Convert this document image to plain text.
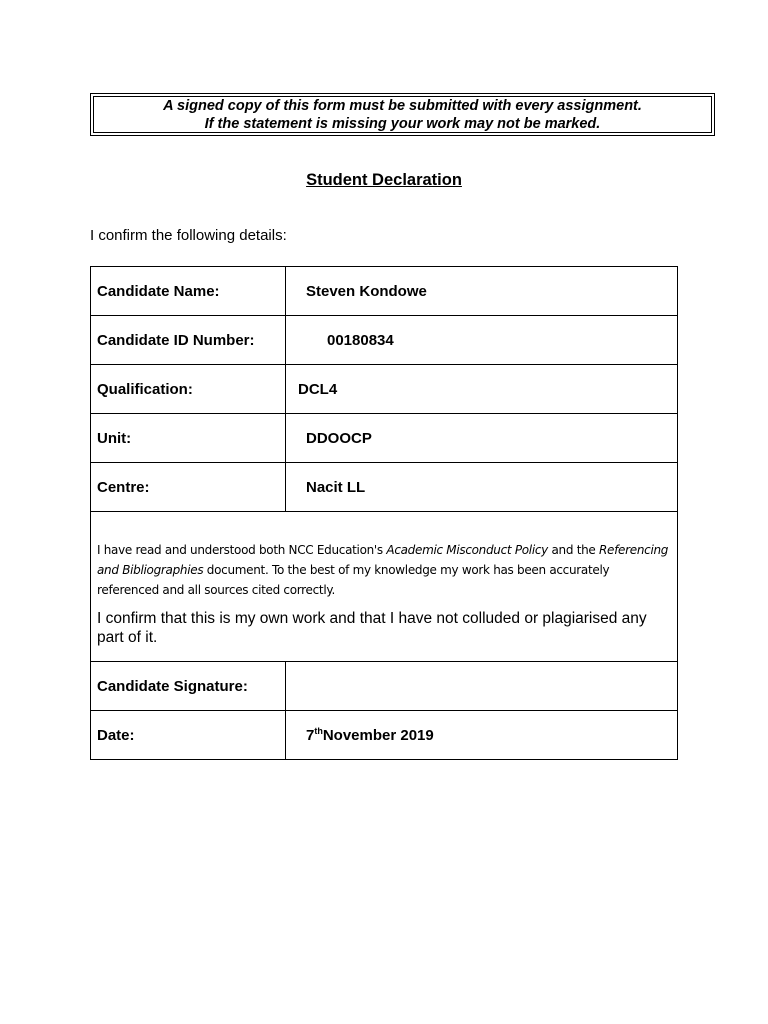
A signed copy of this form must be submitted with every assignment.
If the statement is missing your work may not be marked.
Student Declaration
I confirm the following details:
Candidate Name:	Steven Kondowe
Candidate ID Number:	00180834
Qualification:	DCL4
Unit:	DDOOCP
Centre:	Nacit LL

I have read and understood both NCC Education's Academic Misconduct Policy and the Referencing and Bibliographies document. To the best of my knowledge my work has been accurately referenced and all sources cited correctly.

I confirm that this is my own work and that I have not colluded or plagiarised any part of it.	

Candidate Signature:	
Date:	7thNovember 2019
